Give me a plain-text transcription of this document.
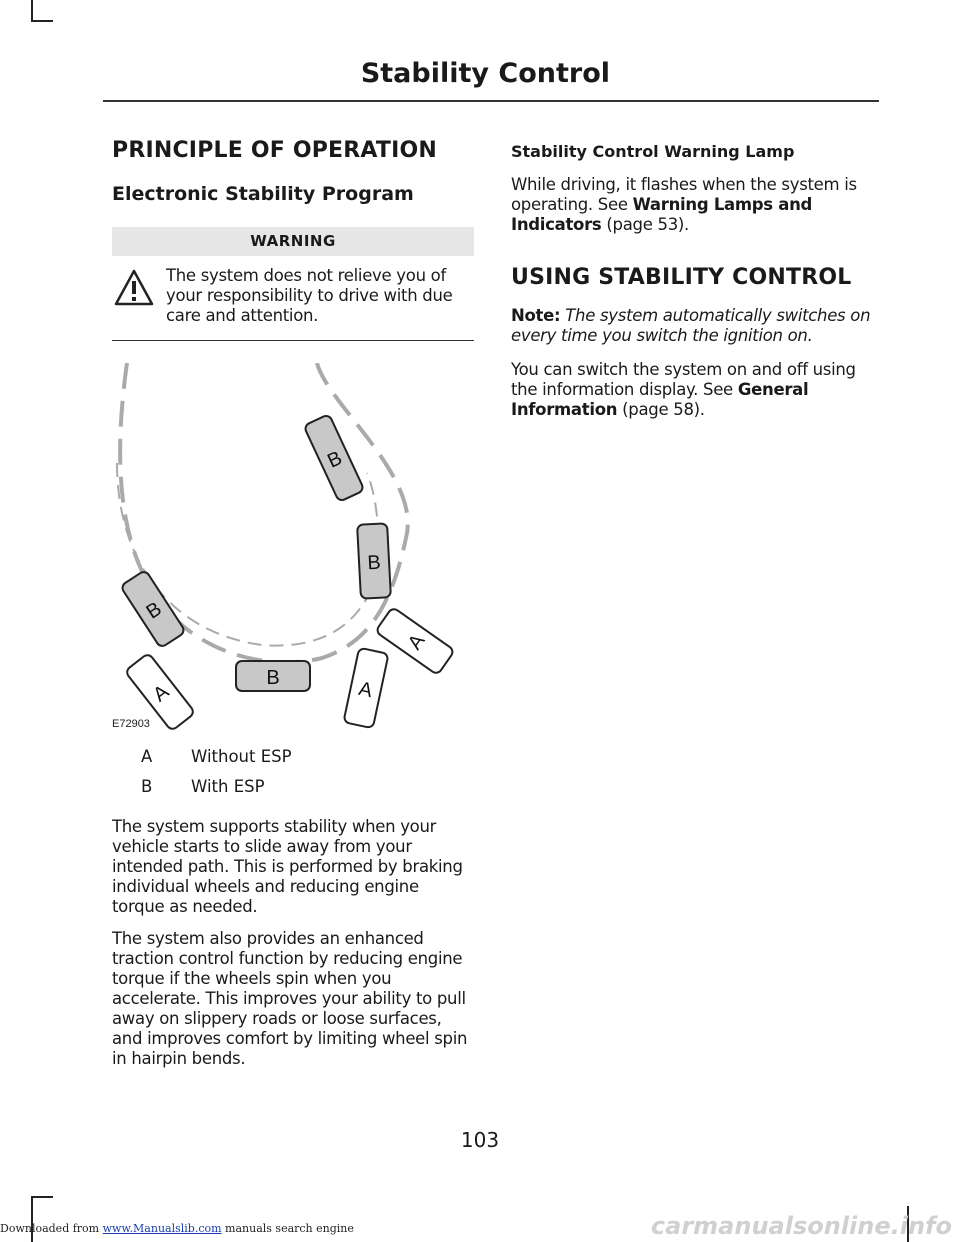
Stability Control
PRINCIPLE OF OPERATION
Electronic Stability Program
WARNING

The system does not relieve you of your responsibility to drive with due care and attention.

B
B
B
A
B	A
A
E72903
A	Without ESP
B	With ESP

The system supports stability when your vehicle starts to slide away from your intended path. This is performed by braking individual wheels and reducing engine torque as needed.

The system also provides an enhanced traction control function by reducing engine torque if the wheels spin when you accelerate. This improves your ability to pull away on slippery roads or loose surfaces, and improves comfort by limiting wheel spin in hairpin bends.

Stability Control Warning Lamp

While driving, it flashes when the system is operating. See Warning Lamps and Indicators (page 53).

USING STABILITY CONTROL

Note: The system automatically switches on every time you switch the ignition on.

You can switch the system on and off using the information display. See General Information (page 58).

103
Downloaded from www.Manualslib.com manuals search engine	carmanualsonline.info
